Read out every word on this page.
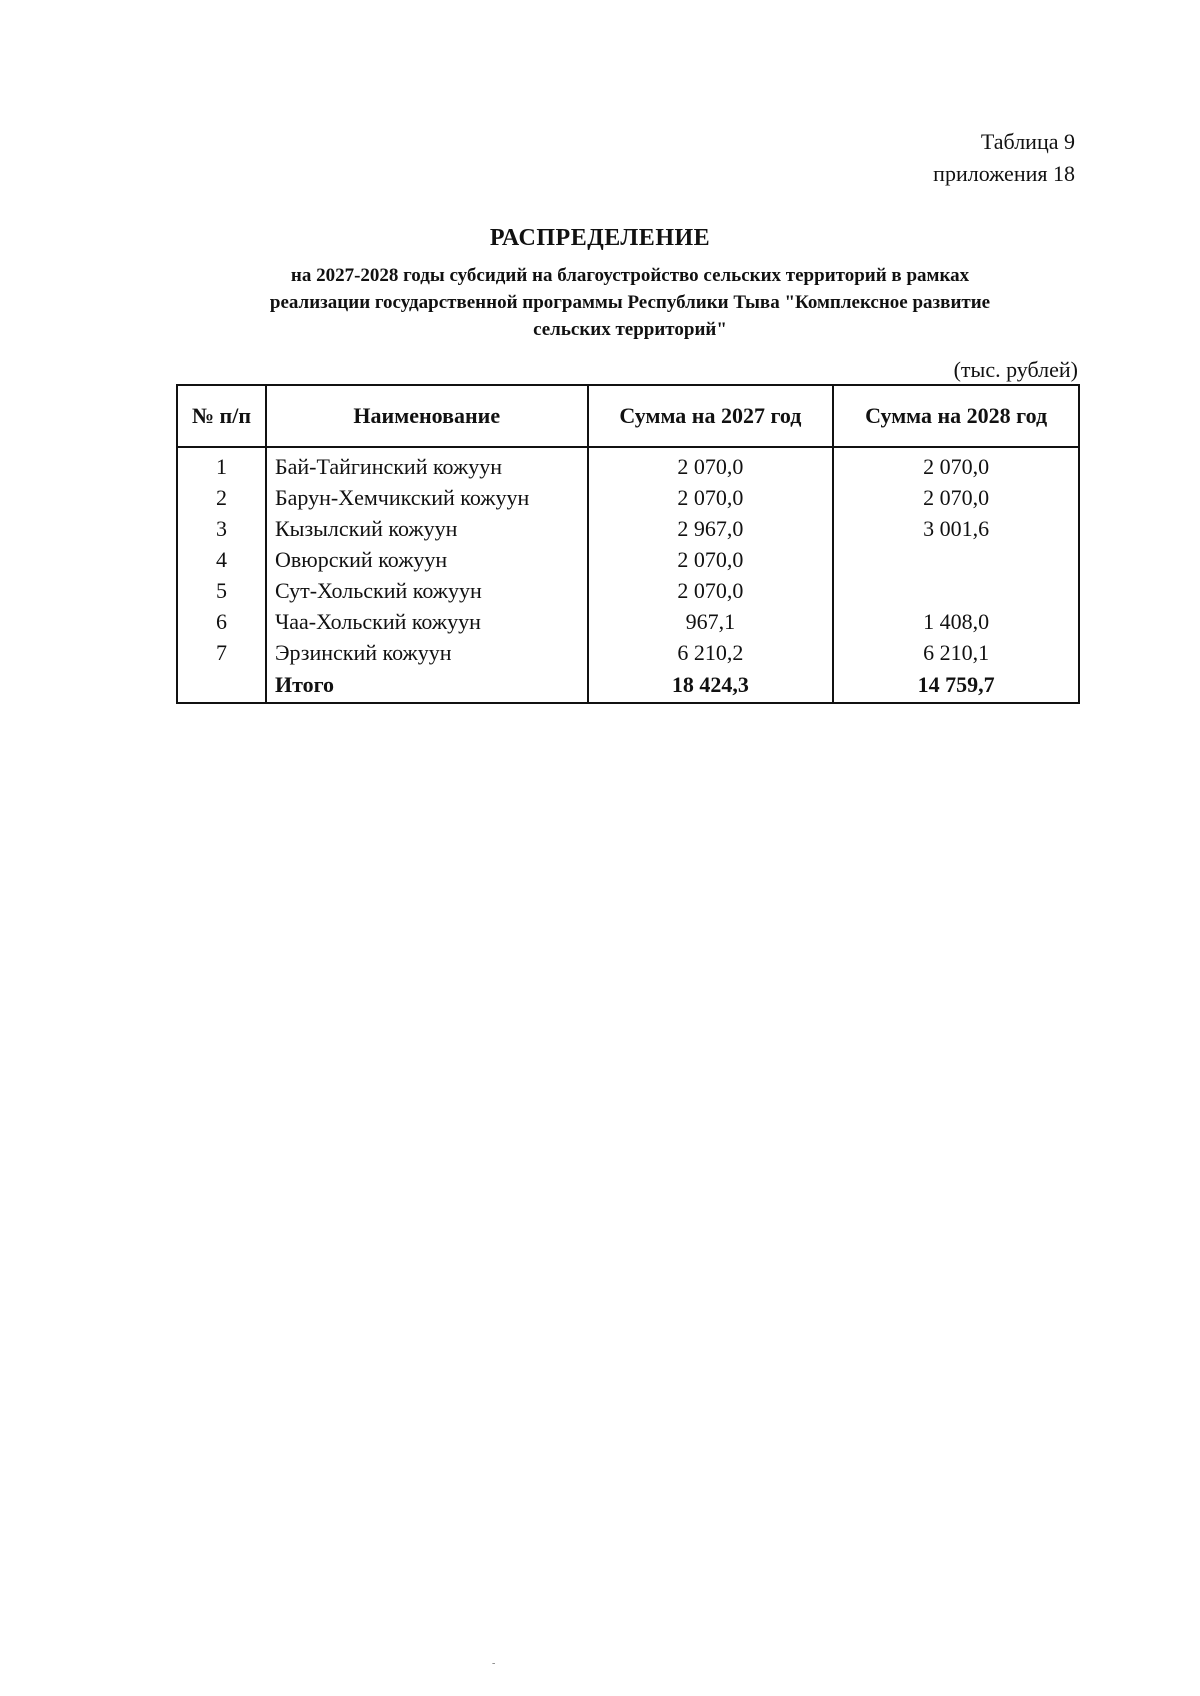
Таблица 9
приложения 18
РАСПРЕДЕЛЕНИЕ
на 2027-2028 годы субсидий на благоустройство сельских территорий в рамках
реализации государственной программы Республики Тыва "Комплексное развитие
сельских территорий"
(тыс. рублей)
№ п/п	Наименование	Сумма на 2027 год	Сумма на 2028 год
1	Бай-Тайгинский кожуун	2 070,0	2 070,0
2	Барун-Хемчикский кожуун	2 070,0	2 070,0
3	Кызылский кожуун	2 967,0	3 001,6
4	Овюрский кожуун	2 070,0	
5	Сут-Хольский кожуун	2 070,0	
6	Чаа-Хольский кожуун	967,1	1 408,0
7	Эрзинский кожуун	6 210,2	6 210,1
	Итого	18 424,3	14 759,7
-
